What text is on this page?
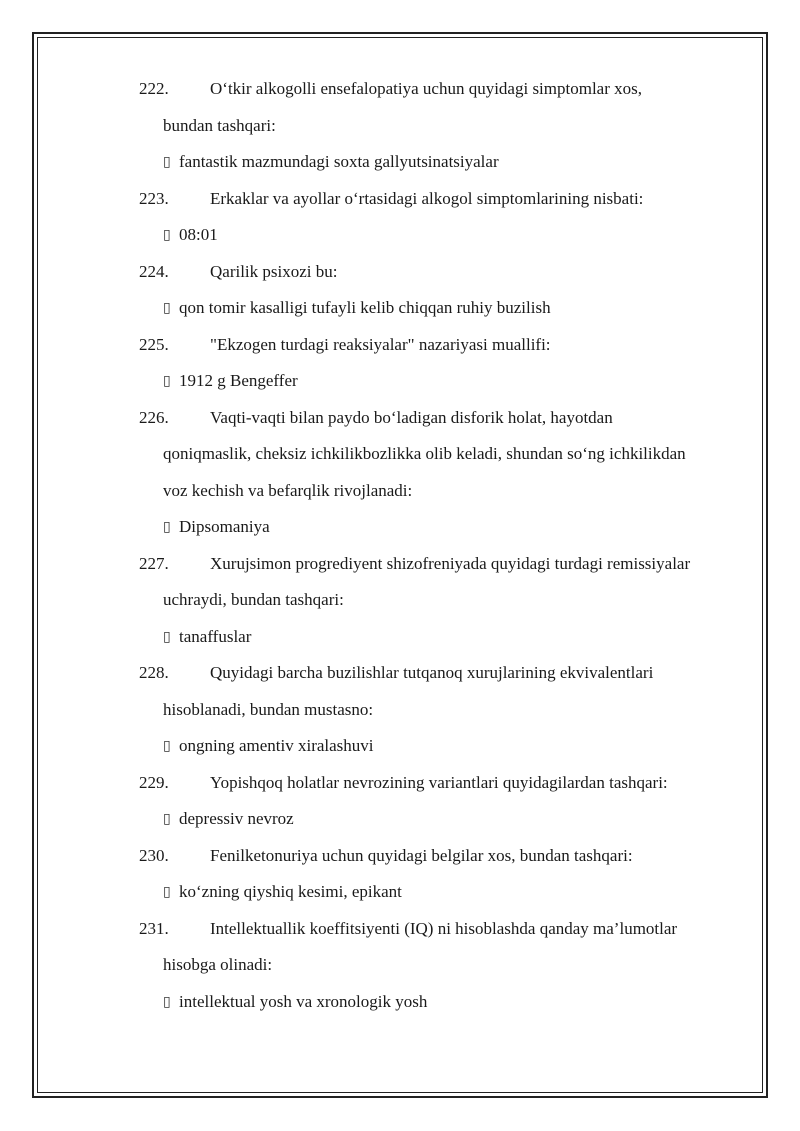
222. O‘tkir alkogolli ensefalopatiya uchun quyidagi simptomlar xos,
bundan tashqari:
▯ fantastik mazmundagi soxta gallyutsinatsiyalar
223. Erkaklar va ayollar o‘rtasidagi alkogol simptomlarining nisbati:
▯ 08:01
224. Qarilik psixozi bu:
▯ qon tomir kasalligi tufayli kelib chiqqan ruhiy buzilish
225. "Ekzogen turdagi reaksiyalar" nazariyasi muallifi:
▯ 1912 g Bengeffer
226. Vaqti-vaqti bilan paydo bo‘ladigan disforik holat, hayotdan
qoniqmaslik, cheksiz ichkilikbozlikka olib keladi, shundan so‘ng ichkilikdan
voz kechish va befarqlik rivojlanadi:
▯ Dipsomaniya
227. Xurujsimon progrediyent shizofreniyada quyidagi turdagi remissiyalar
uchraydi, bundan tashqari:
▯ tanaffuslar
228. Quyidagi barcha buzilishlar tutqanoq xurujlarining ekvivalentlari
hisoblanadi, bundan mustasno:
▯ ongning amentiv xiralashuvi
229. Yopishqoq holatlar nevrozining variantlari quyidagilardan tashqari:
▯ depressiv nevroz
230. Fenilketonuriya uchun quyidagi belgilar xos, bundan tashqari:
▯ ko‘zning qiyshiq kesimi, epikant
231. Intellektuallik koeffitsiyenti (IQ) ni hisoblashda qanday ma’lumotlar
hisobga olinadi:
▯ intellektual yosh va xronologik yosh
